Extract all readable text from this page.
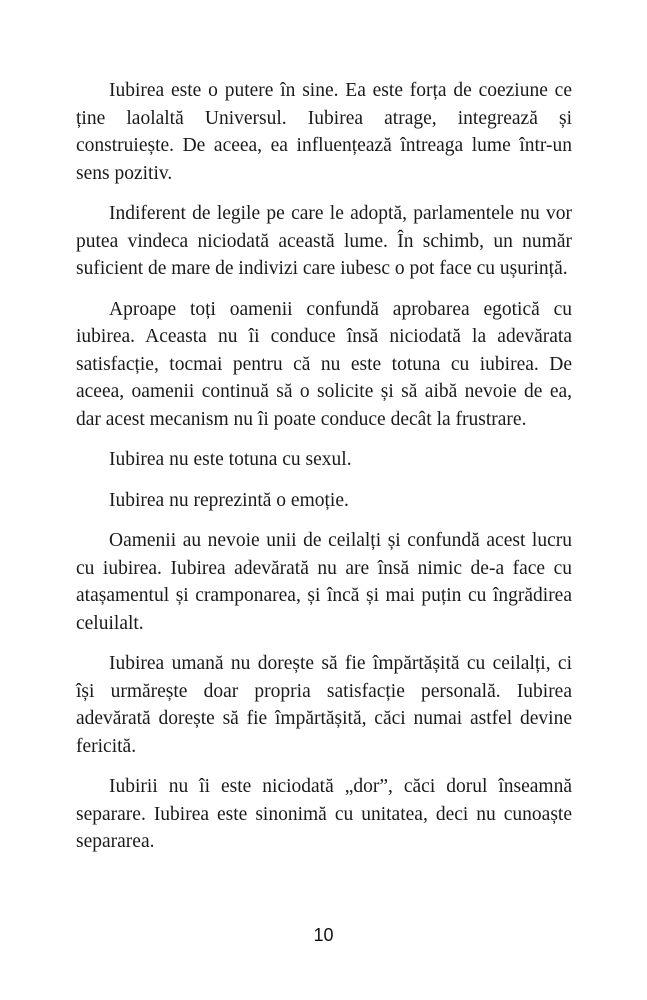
Iubirea este o putere în sine. Ea este forța de coeziune ce ține laolaltă Universul. Iubirea atrage, integrează și construiește. De aceea, ea influențează întreaga lume într-un sens pozitiv.

Indiferent de legile pe care le adoptă, parlamentele nu vor putea vindeca niciodată această lume. În schimb, un număr suficient de mare de indivizi care iubesc o pot face cu ușurință.

Aproape toți oamenii confundă aprobarea egotică cu iubirea. Aceasta nu îi conduce însă niciodată la adevărata satisfacție, tocmai pentru că nu este totuna cu iubirea. De aceea, oamenii continuă să o solicite și să aibă nevoie de ea, dar acest mecanism nu îi poate conduce decât la frustrare.

Iubirea nu este totuna cu sexul.

Iubirea nu reprezintă o emoție.

Oamenii au nevoie unii de ceilalți și confundă acest lucru cu iubirea. Iubirea adevărată nu are însă nimic de-a face cu atașamentul și cramponarea, și încă și mai puțin cu îngrădirea celuilalt.

Iubirea umană nu dorește să fie împărtășită cu ceilalți, ci își urmărește doar propria satisfacție personală. Iubirea adevărată dorește să fie împărtășită, căci numai astfel devine fericită.

Iubirii nu îi este niciodată „dor”, căci dorul înseamnă separare. Iubirea este sinonimă cu unitatea, deci nu cunoaște separarea.

10
